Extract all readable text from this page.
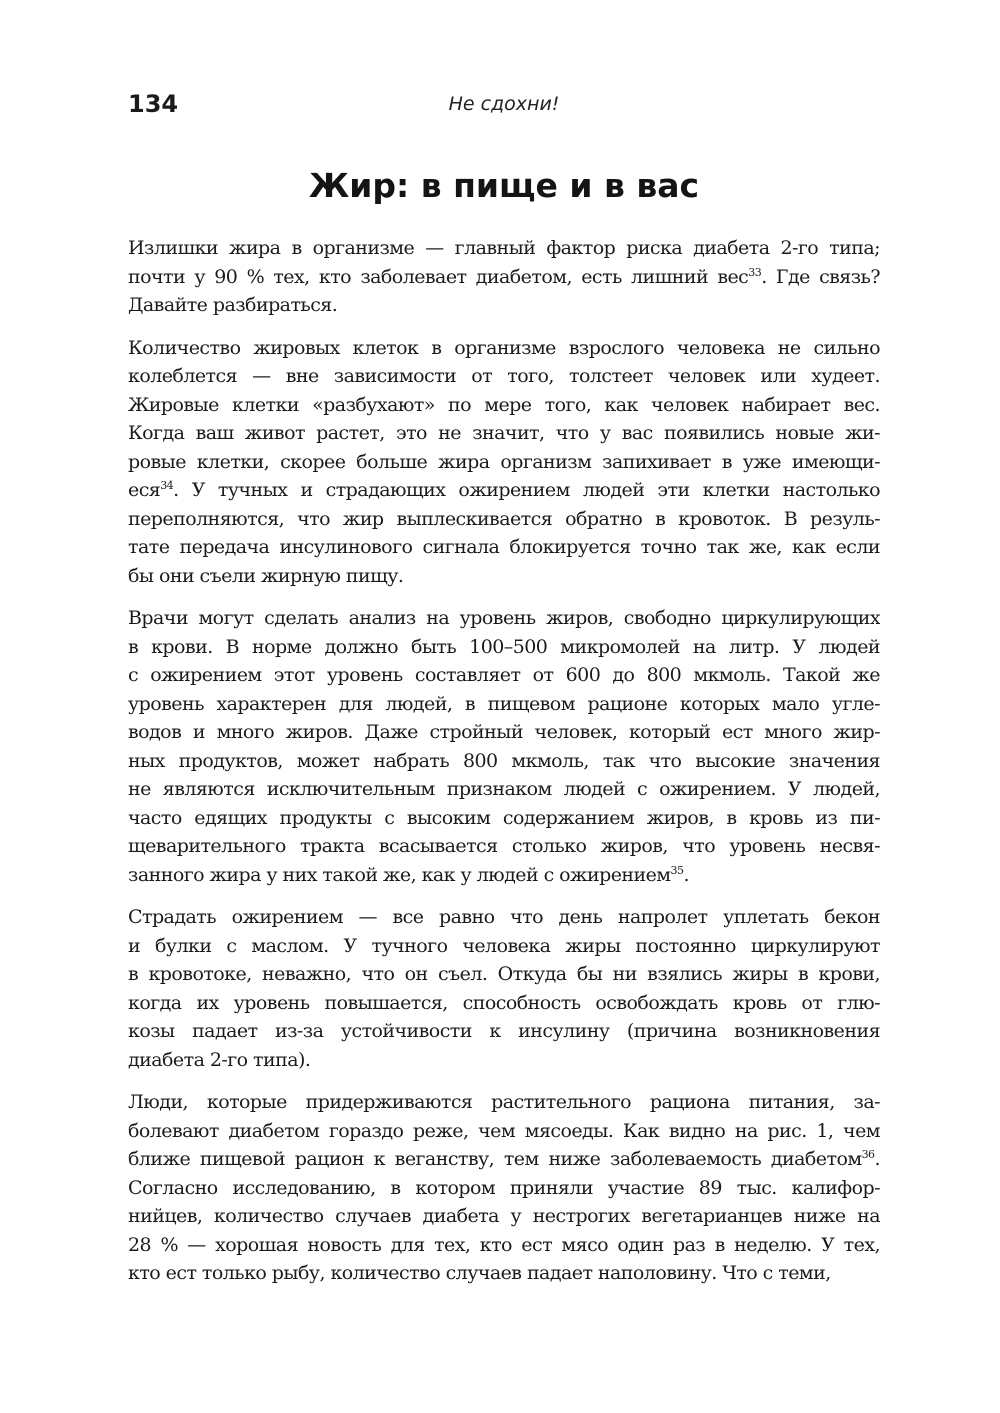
134	Не сдохни!
Жир: в пище и в вас
Излишки жира в организме — главный фактор риска диабета 2-го типа;
почти у 90 % тех, кто заболевает диабетом, есть лишний вес$^{33}$. Где связь?
Давайте разбираться.
Количество жировых клеток в организме взрослого человека не сильно
колеблется — вне зависимости от того, толстеет человек или худеет.
Жировые клетки «разбухают» по мере того, как человек набирает вес.
Когда ваш живот растет, это не значит, что у вас появились новые жи-
ровые клетки, скорее больше жира организм запихивает в уже имеющи-
еся$^{34}$. У тучных и страдающих ожирением людей эти клетки настолько
переполняются, что жир выплескивается обратно в кровоток. В резуль-
тате передача инсулинового сигнала блокируется точно так же, как если
бы они съели жирную пищу.
Врачи могут сделать анализ на уровень жиров, свободно циркулирующих
в крови. В норме должно быть 100–500 микромолей на литр. У людей
с ожирением этот уровень составляет от 600 до 800 мкмоль. Такой же
уровень характерен для людей, в пищевом рационе которых мало угле-
водов и много жиров. Даже стройный человек, который ест много жир-
ных продуктов, может набрать 800 мкмоль, так что высокие значения
не являются исключительным признаком людей с ожирением. У людей,
часто едящих продукты с высоким содержанием жиров, в кровь из пи-
щеварительного тракта всасывается столько жиров, что уровень несвя-
занного жира у них такой же, как у людей с ожирением$^{35}$.
Страдать ожирением — все равно что день напролет уплетать бекон
и булки с маслом. У тучного человека жиры постоянно циркулируют
в кровотоке, неважно, что он съел. Откуда бы ни взялись жиры в крови,
когда их уровень повышается, способность освобождать кровь от глю-
козы падает из-за устойчивости к инсулину (причина возникновения
диабета 2-го типа).
Люди, которые придерживаются растительного рациона питания, за-
болевают диабетом гораздо реже, чем мясоеды. Как видно на рис. 1, чем
ближе пищевой рацион к веганству, тем ниже заболеваемость диабетом$^{36}$.
Согласно исследованию, в котором приняли участие 89 тыс. калифор-
нийцев, количество случаев диабета у нестрогих вегетарианцев ниже на
28 % — хорошая новость для тех, кто ест мясо один раз в неделю. У тех,
кто ест только рыбу, количество случаев падает наполовину. Что с теми,
